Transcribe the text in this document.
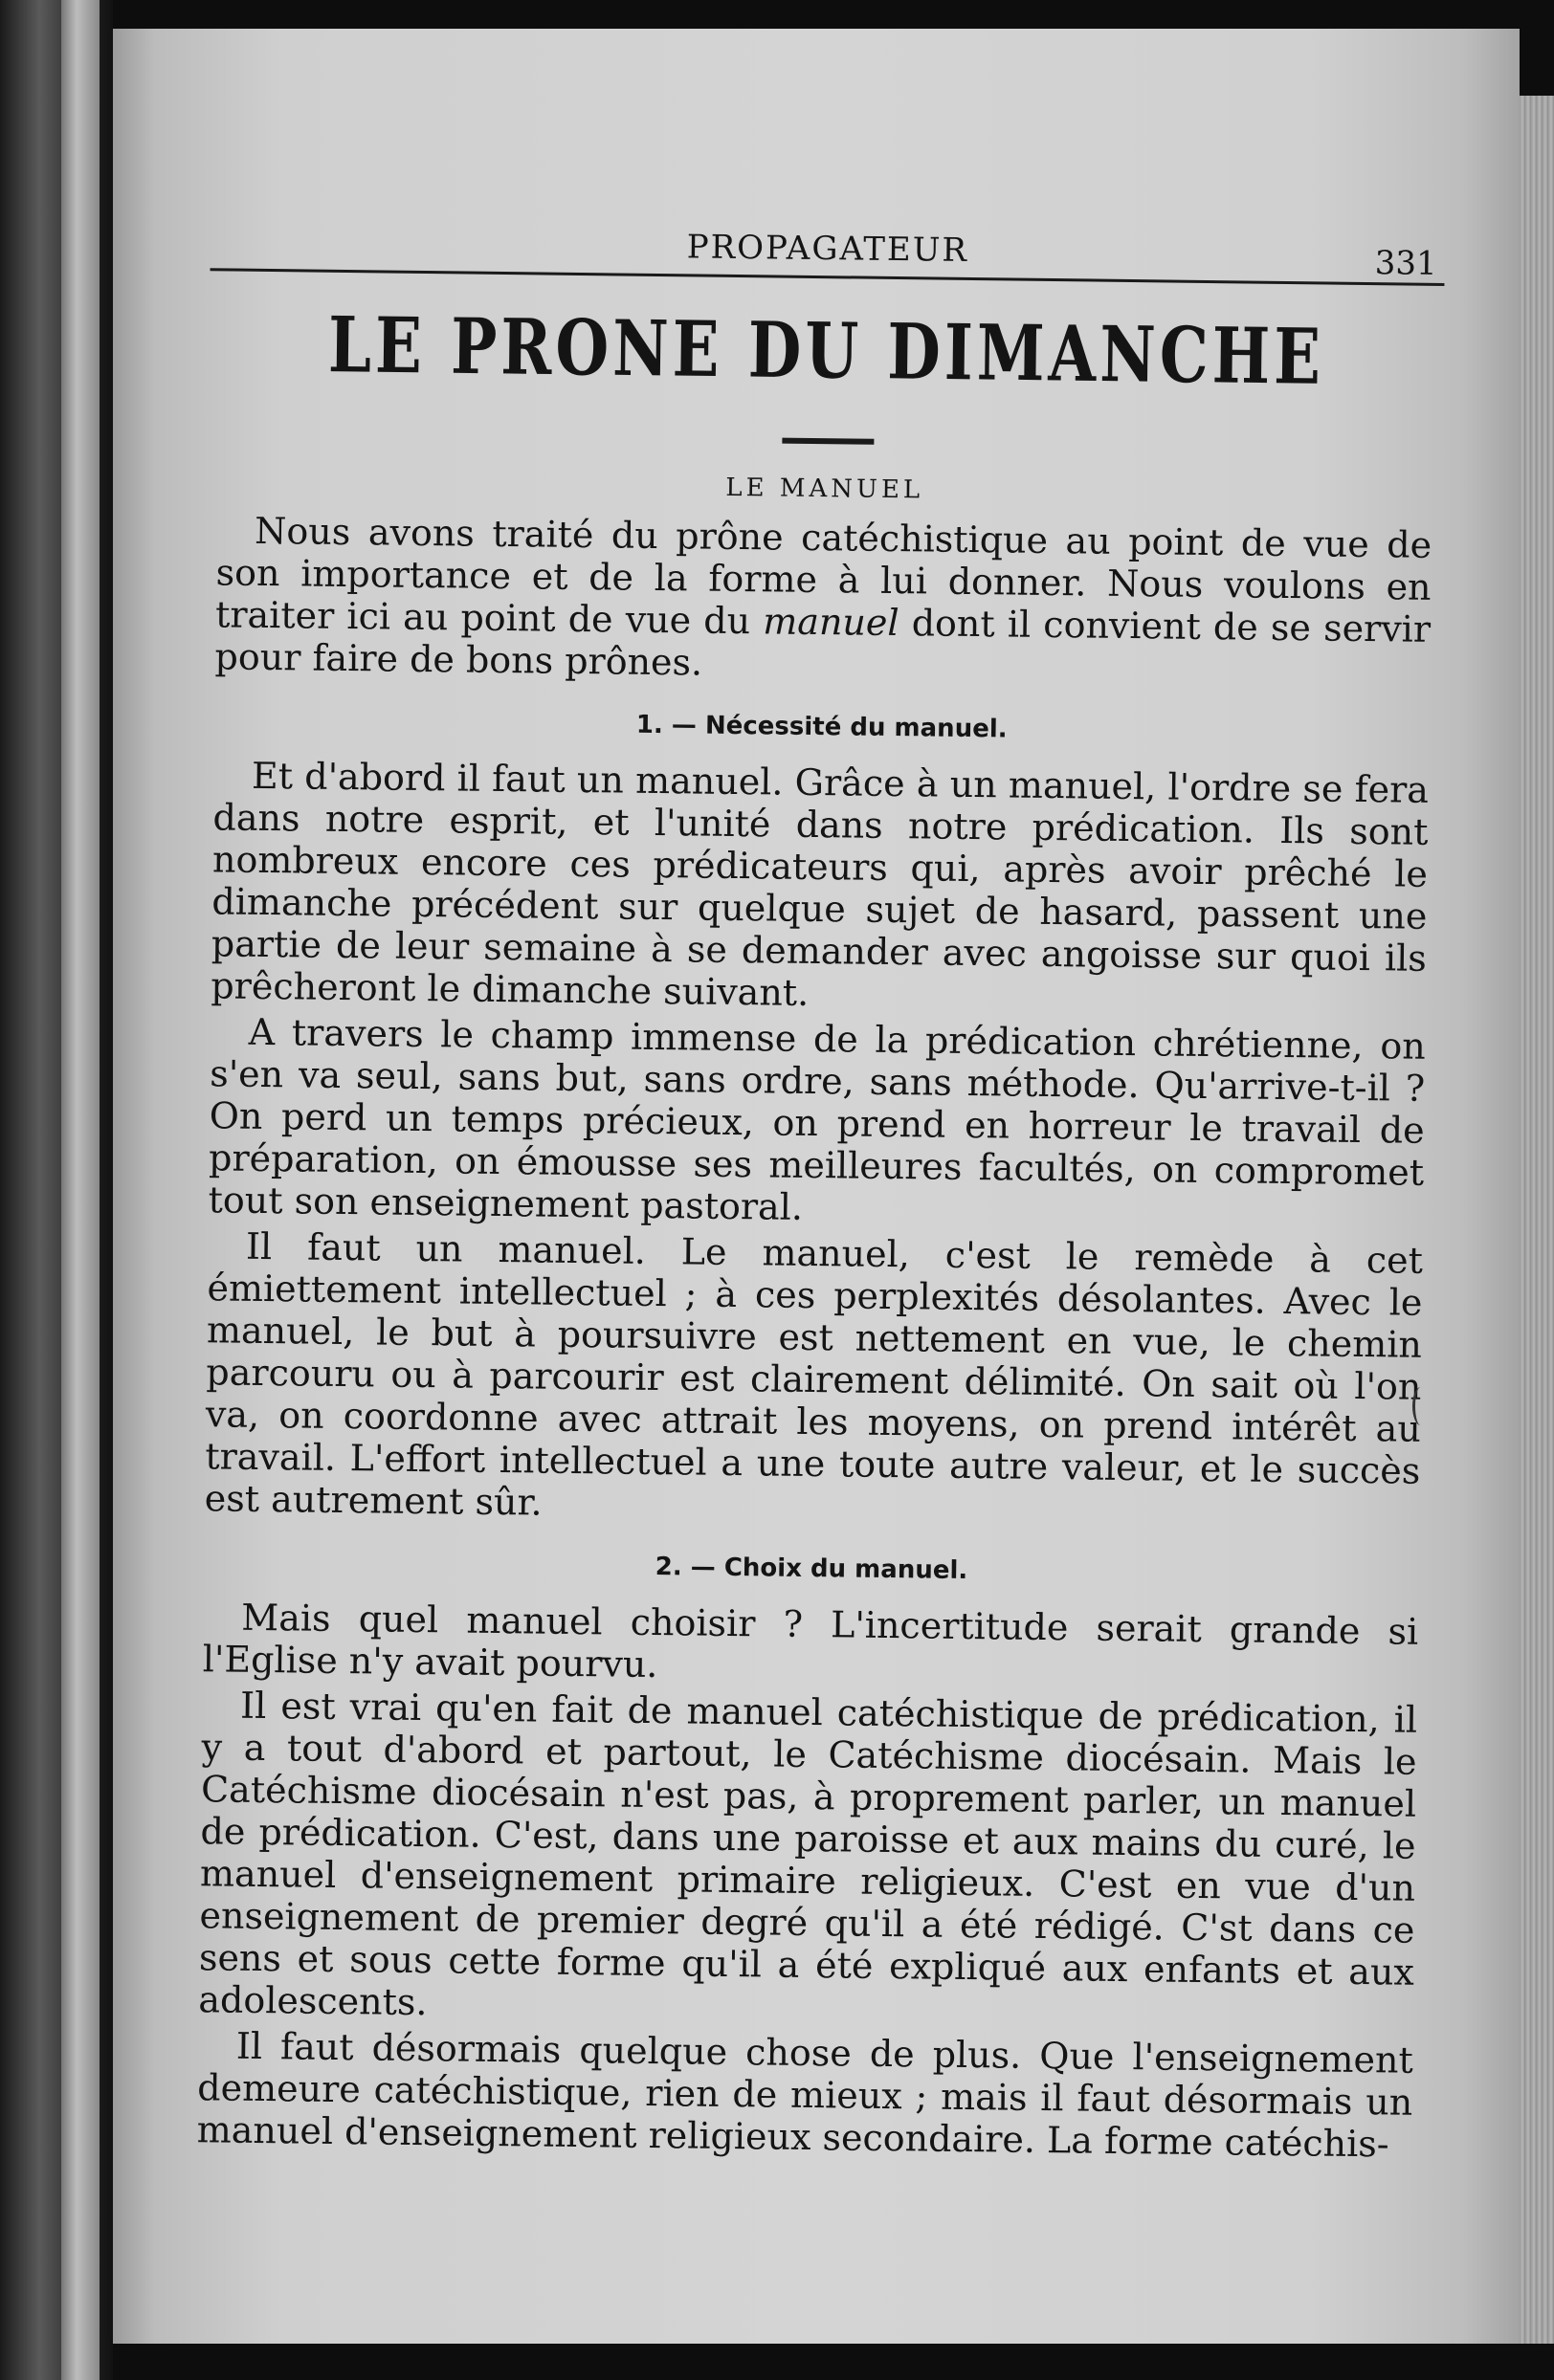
PROPAGATEUR	331
LE PRONE DU DIMANCHE
LE MANUEL

Nous avons traité du prône catéchistique au point de vue de son importance et de la forme à lui donner. Nous voulons en traiter ici au point de vue du manuel dont il convient de se servir pour faire de bons prônes.

1. — Nécessité du manuel.

Et d'abord il faut un manuel. Grâce à un manuel, l'ordre se fera dans notre esprit, et l'unité dans notre prédication. Ils sont nombreux encore ces prédicateurs qui, après avoir prêché le dimanche précédent sur quelque sujet de hasard, passent une partie de leur semaine à se demander avec angoisse sur quoi ils prêcheront le dimanche suivant.

A travers le champ immense de la prédication chrétienne, on s'en va seul, sans but, sans ordre, sans méthode. Qu'arrive-t-il ? On perd un temps précieux, on prend en horreur le travail de préparation, on émousse ses meilleures facultés, on compromet tout son enseignement pastoral.

Il faut un manuel. Le manuel, c'est le remède à cet émiettement intellectuel ; à ces perplexités désolantes. Avec le manuel, le but à poursuivre est nettement en vue, le chemin parcouru ou à parcourir est clairement délimité. On sait où l'on va, on coordonne avec attrait les moyens, on prend intérêt au travail. L'effort intellectuel a une toute autre valeur, et le succès est autrement sûr.

2. — Choix du manuel.

Mais quel manuel choisir ? L'incertitude serait grande si l'Eglise n'y avait pourvu.

Il est vrai qu'en fait de manuel catéchistique de prédication, il y a tout d'abord et partout, le Catéchisme diocésain. Mais le Catéchisme diocésain n'est pas, à proprement parler, un manuel de prédication. C'est, dans une paroisse et aux mains du curé, le manuel d'enseignement primaire religieux. C'est en vue d'un enseignement de premier degré qu'il a été rédigé. C'st dans ce sens et sous cette forme qu'il a été expliqué aux enfants et aux adolescents.

Il faut désormais quelque chose de plus. Que l'enseignement demeure catéchistique, rien de mieux ; mais il faut désormais un manuel d'enseignement religieux secondaire. La forme catéchis-
